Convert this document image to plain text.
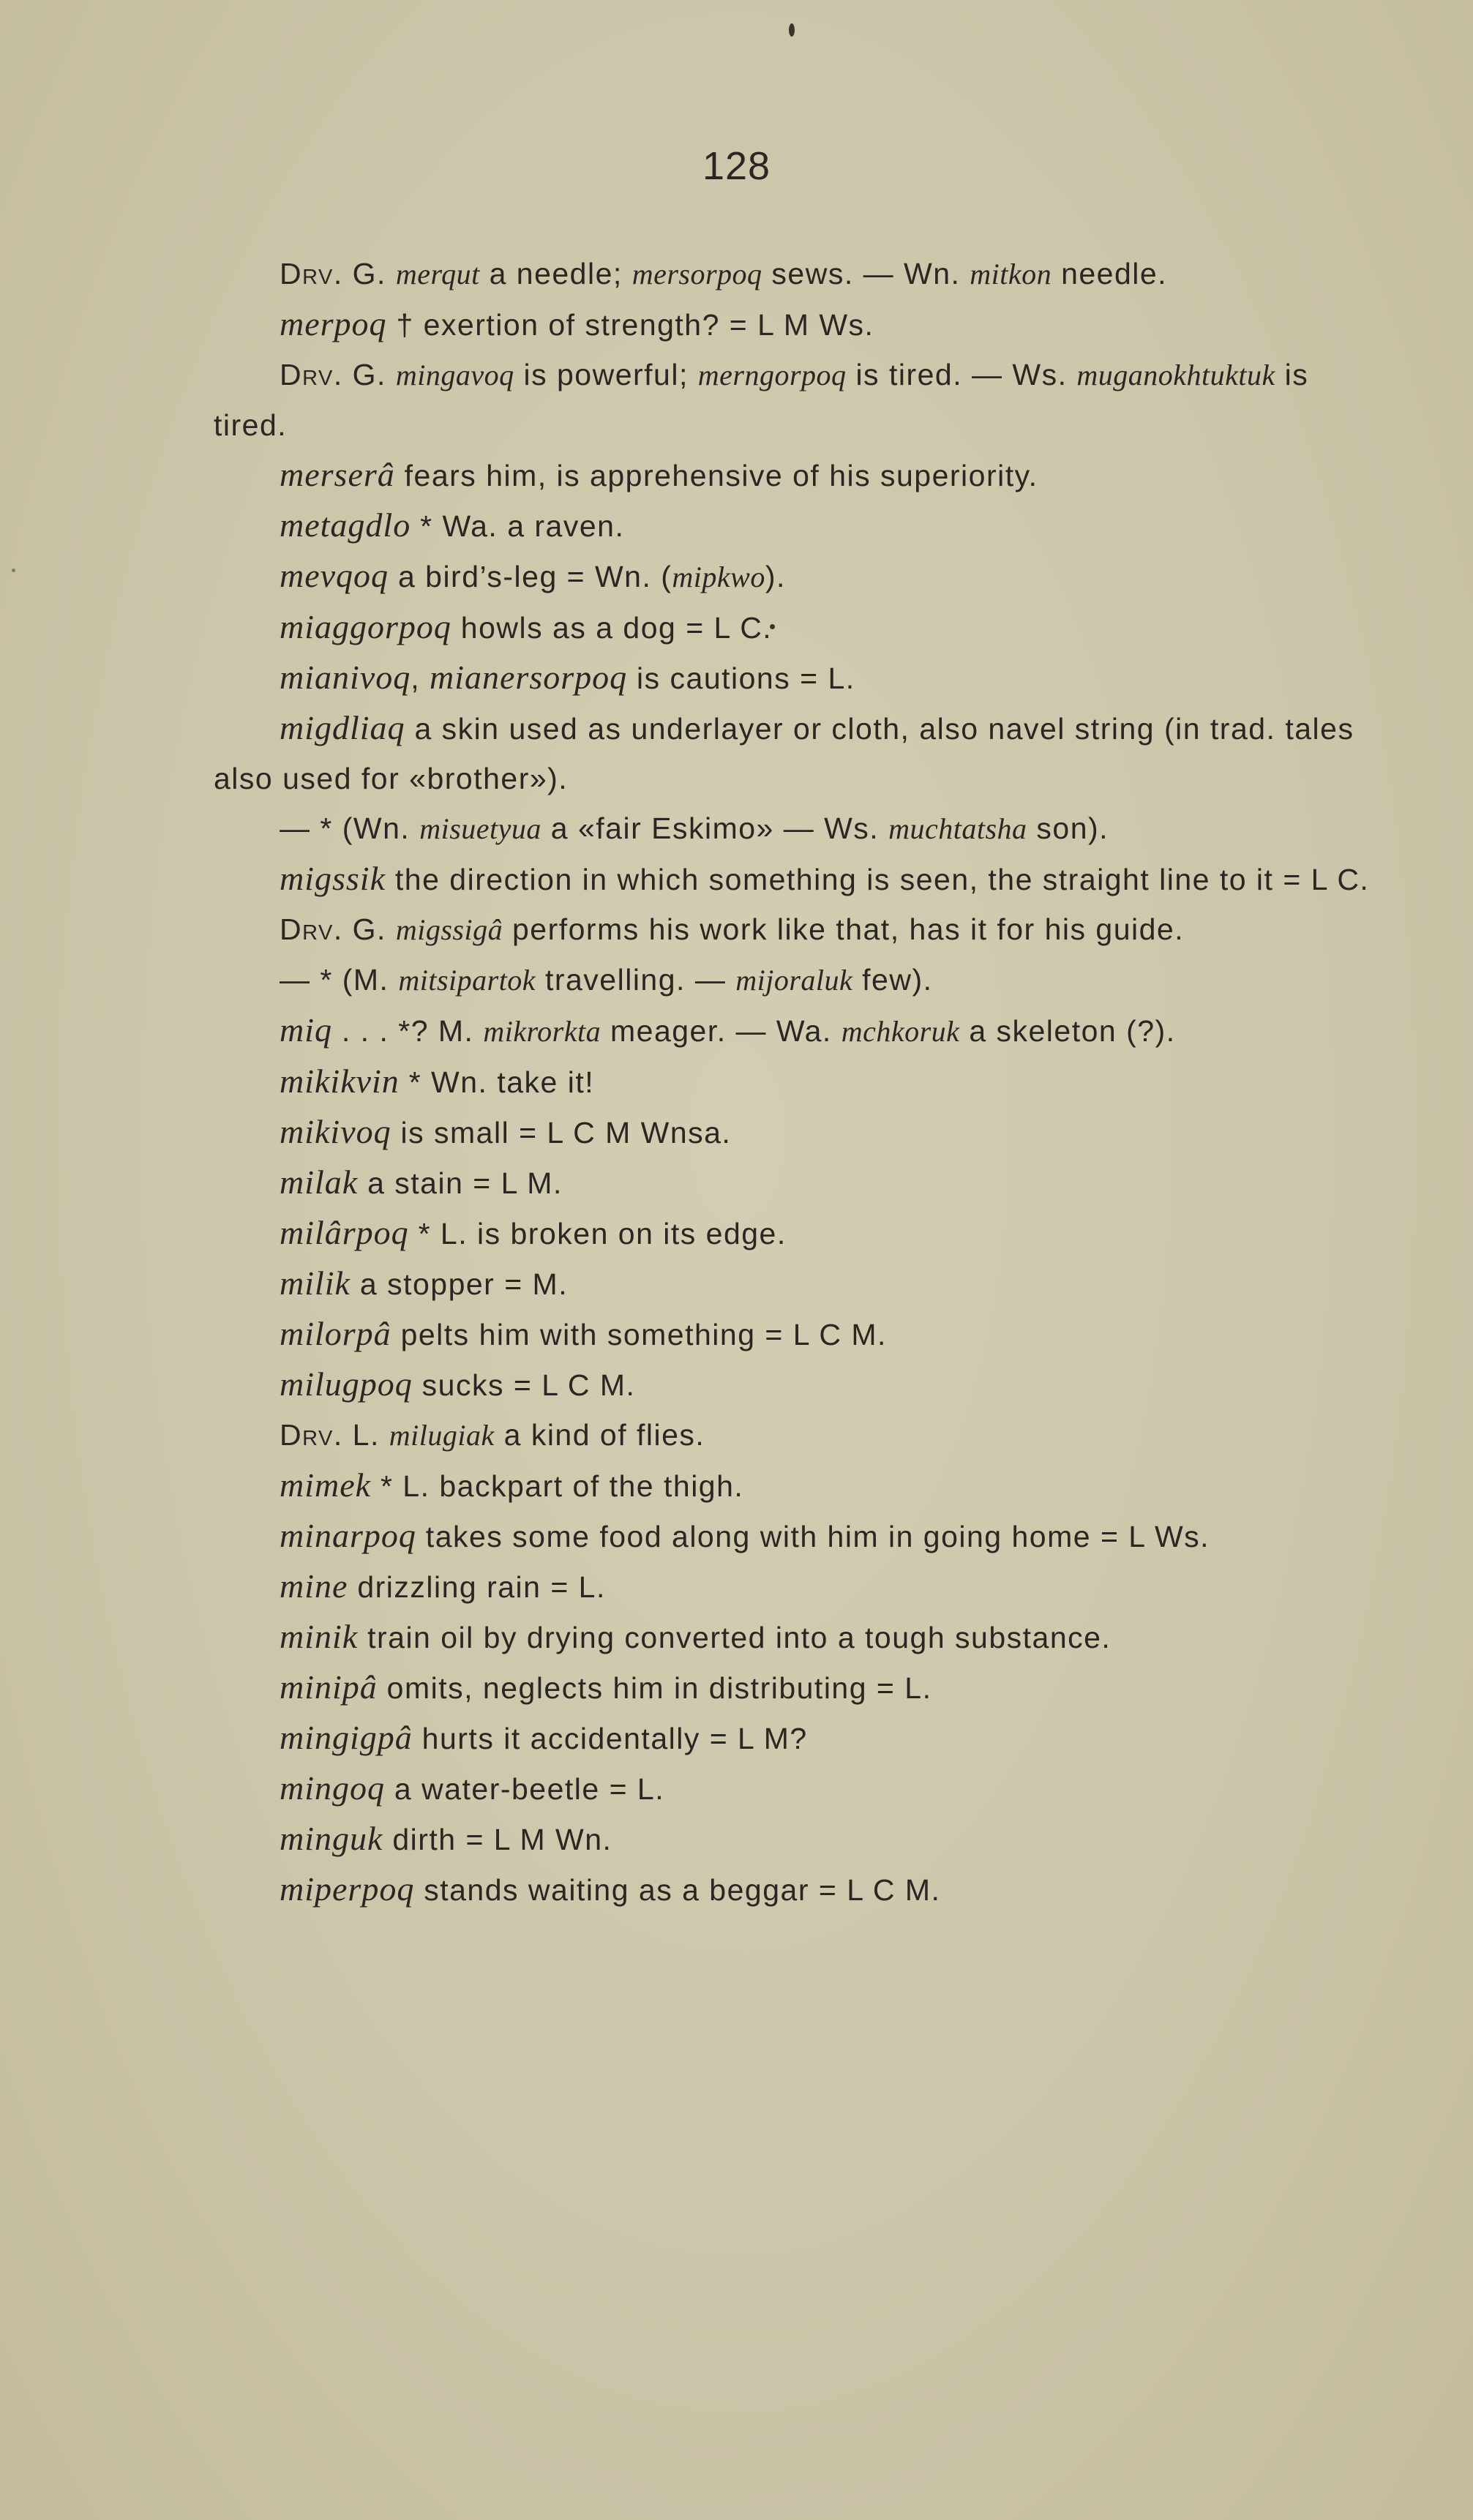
128

Drv. G. merqut a needle; mersorpoq sews. — Wn. mitkon needle.

merpoq † exertion of strength? = L M Ws.

Drv. G. mingavoq is powerful; merngorpoq is tired. — Ws. muganokhtuktuk is tired.

merserâ fears him, is apprehensive of his superiority.

metagdlo * Wa. a raven.

mevqoq a bird’s-leg = Wn. (mipkwo).

miaggorpoq howls as a dog = L C.

mianivoq, mianersorpoq is cautions = L.

migdliaq a skin used as underlayer or cloth, also navel string (in trad. tales also used for «brother»).

— * (Wn. misuetyua a «fair Eskimo» — Ws. muchtatsha son).

migssik the direction in which something is seen, the straight line to it = L C.

Drv. G. migssigâ performs his work like that, has it for his guide.

— * (M. mitsipartok travelling. — mijoraluk few).

miq . . . *? M. mikrorkta meager. — Wa. mchkoruk a skeleton (?).

mikikvin * Wn. take it!

mikivoq is small = L C M Wnsa.

milak a stain = L M.

milârpoq * L. is broken on its edge.

milik a stopper = M.

milorpâ pelts him with something = L C M.

milugpoq sucks = L C M.

Drv. L. milugiak a kind of flies.

mimek * L. backpart of the thigh.

minarpoq takes some food along with him in going home = L Ws.

mine drizzling rain = L.

minik train oil by drying converted into a tough substance.

minipâ omits, neglects him in distributing = L.

mingigpâ hurts it accidentally = L M?

mingoq a water-beetle = L.

minguk dirth = L M Wn.

miperpoq stands waiting as a beggar = L C M.
